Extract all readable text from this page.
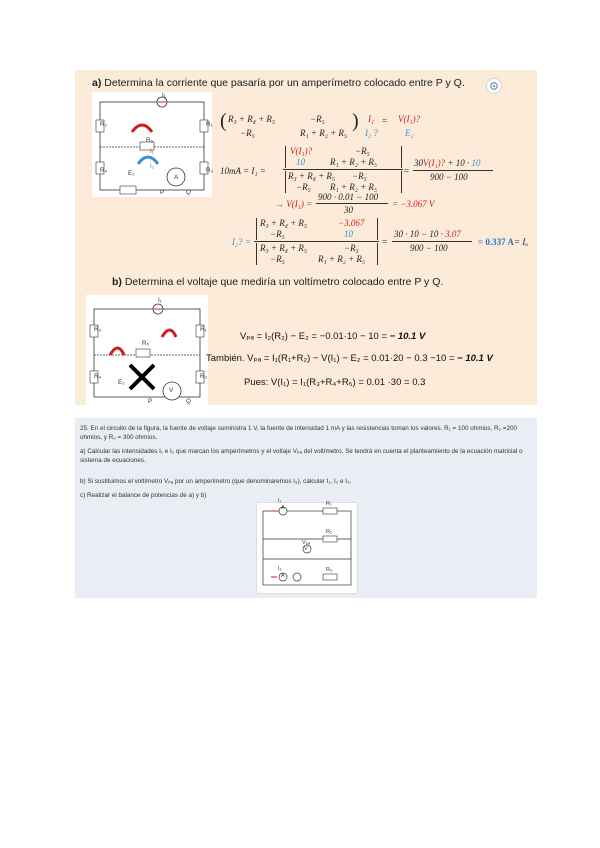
a) Determina la corriente que pasaría por un amperímetro colocado entre P y Q.
I₁
R₂	R₁
R₅
I₁
I₂
R₄	R₃
E₂
A
P	Q
( R₃ + R₄ + R₅	−R₅
−R₅	R₁ + R₂ + R₅
) I₁
I₂ ?
= V(I₁)?
E₂
10mA = I₁ =
V(I₁)?	−R₅
10	R₁ + R₂ + R₅
R₃ + R₄ + R₅ −R₅
−R₅ R₁ + R₂ + R₅
=
30V(I₁)? + 10 · 10
900 − 100
→ V(I₁) =
900 · 0.01 − 100
30
= −3.067 V
I₂? =
R₃ + R₄ + R₅	−3.067
−R₅	10
R₃ + R₄ + R₅	−R₅
−R₅	R₁ + R₂ + R₅
=
30 · 10 − 10 · 3.07
900 − 100
= 0.337 A = Iₐ
b) Determina el voltaje que mediría un voltímetro colocado entre P y Q.
I₁
R₃	R₁
R₅
R₄	R₂
E₂
V
P	Q
Vₚₐ = I₂(R₂) − E₂ = −0.01·10 − 10 = − 10.1 V
También. Vₚₐ = I₁(R₁+R₂) − V(I₁) − E₂ = 0.01·20 − 0.3 −10 = − 10.1 V
Pues: V(I₁) = I₁(R₃+R₄+R₅) = 0.01 ·30 = 0.3
25. En el circuito de la figura, la fuente de voltaje suministra 1 V, la fuente de intensidad 1 mA y las resistencias toman los valores. R₁ = 100 ohmios, R₂ =200 ohmios, y R₃ = 300 ohmios.
a) Calcular las intensidades I₁ e I₂ que marcan los amperímetros y el voltaje Vₚₐ del voltímetro. Se tendrá en cuenta el planteamiento de la ecuación matricial o sistema de ecuaciones.
b) Si sustituimos el voltímetro Vₚₐ por un amperímetro (que denominaremos I₃), calcular I₁, I₂ e I₃.
c) Realizar el balance de potencias de a) y b)
A
I₁	R₁
R₂
Vₚₐ
V
I₂
A
R₃
